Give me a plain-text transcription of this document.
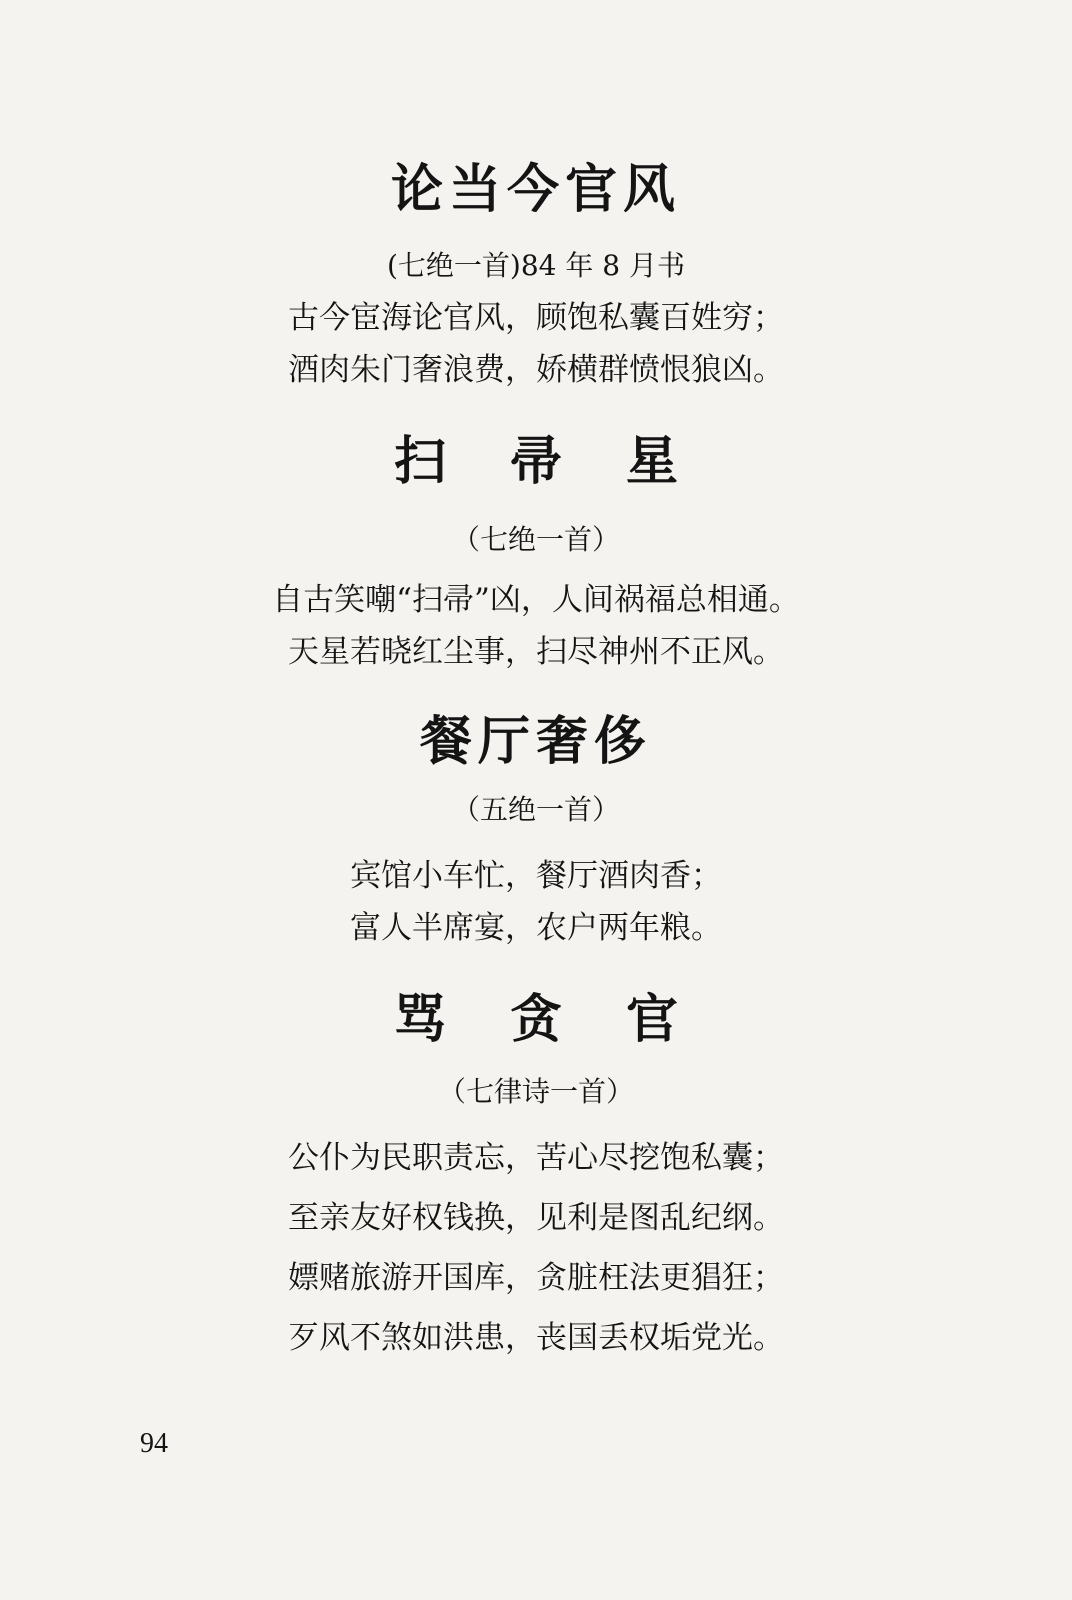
论当今官风

(七绝一首)84 年 8 月书

古今宦海论官风，顾饱私囊百姓穷；

酒肉朱门奢浪费，娇横群愤恨狼凶。

扫帚星

（七绝一首）

自古笑嘲“扫帚”凶，人间祸福总相通。

天星若晓红尘事，扫尽神州不正风。

餐厅奢侈

（五绝一首）

宾馆小车忙，餐厅酒肉香；

富人半席宴，农户两年粮。

骂贪官

（七律诗一首）

公仆为民职责忘，苦心尽挖饱私囊；

至亲友好权钱换，见利是图乱纪纲。

嫖赌旅游开国库，贪脏枉法更猖狂；

歹风不煞如洪患，丧国丢权垢党光。

94
